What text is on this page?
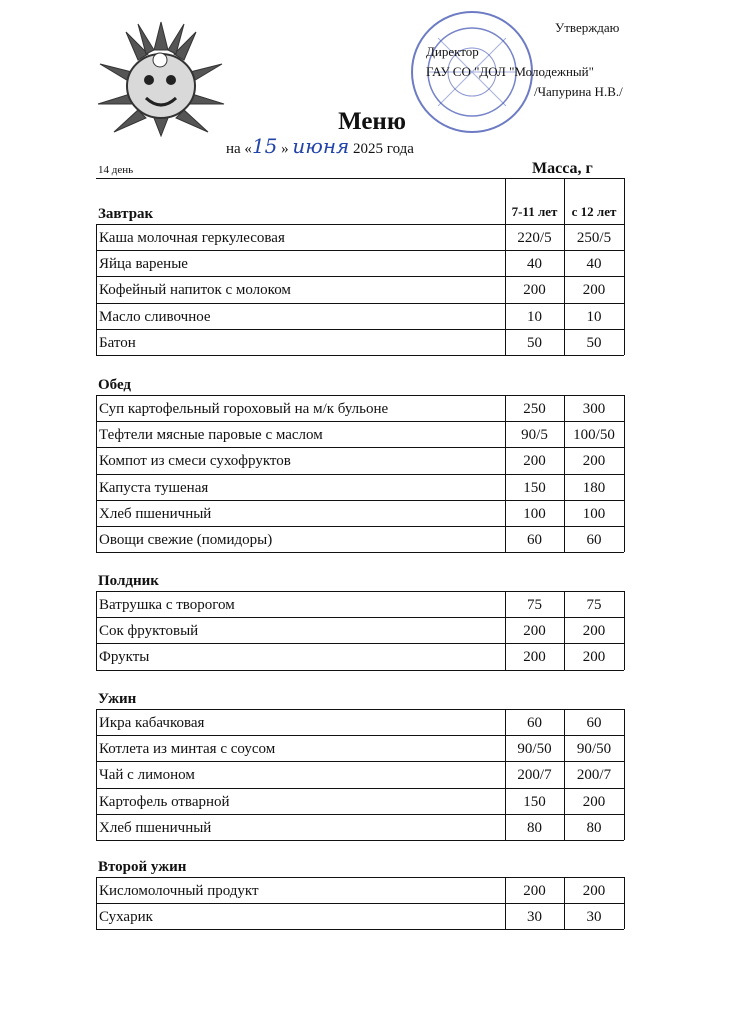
Утверждаю
Директор
ГАУ СО "ДОЛ "Молодежный"
/Чапурина Н.В./
Меню
на «15 » июня 2025 года
14 день	Масса, г
Завтрак	7-11 лет	с 12 лет
Каша молочная геркулесовая	220/5	250/5
Яйца вареные	40	40
Кофейный напиток с молоком	200	200
Масло сливочное	10	10
Батон	50	50
Обед
Суп картофельный гороховый на м/к бульоне	250	300
Тефтели мясные паровые с маслом	90/5	100/50
Компот из смеси сухофруктов	200	200
Капуста тушеная	150	180
Хлеб пшеничный	100	100
Овощи свежие (помидоры)	60	60
Полдник
Ватрушка с творогом	75	75
Сок фруктовый	200	200
Фрукты	200	200
Ужин
Икра кабачковая	60	60
Котлета из минтая с соусом	90/50	90/50
Чай с лимоном	200/7	200/7
Картофель отварной	150	200
Хлеб пшеничный	80	80
Второй ужин
Кисломолочный продукт	200	200
Сухарик	30	30
